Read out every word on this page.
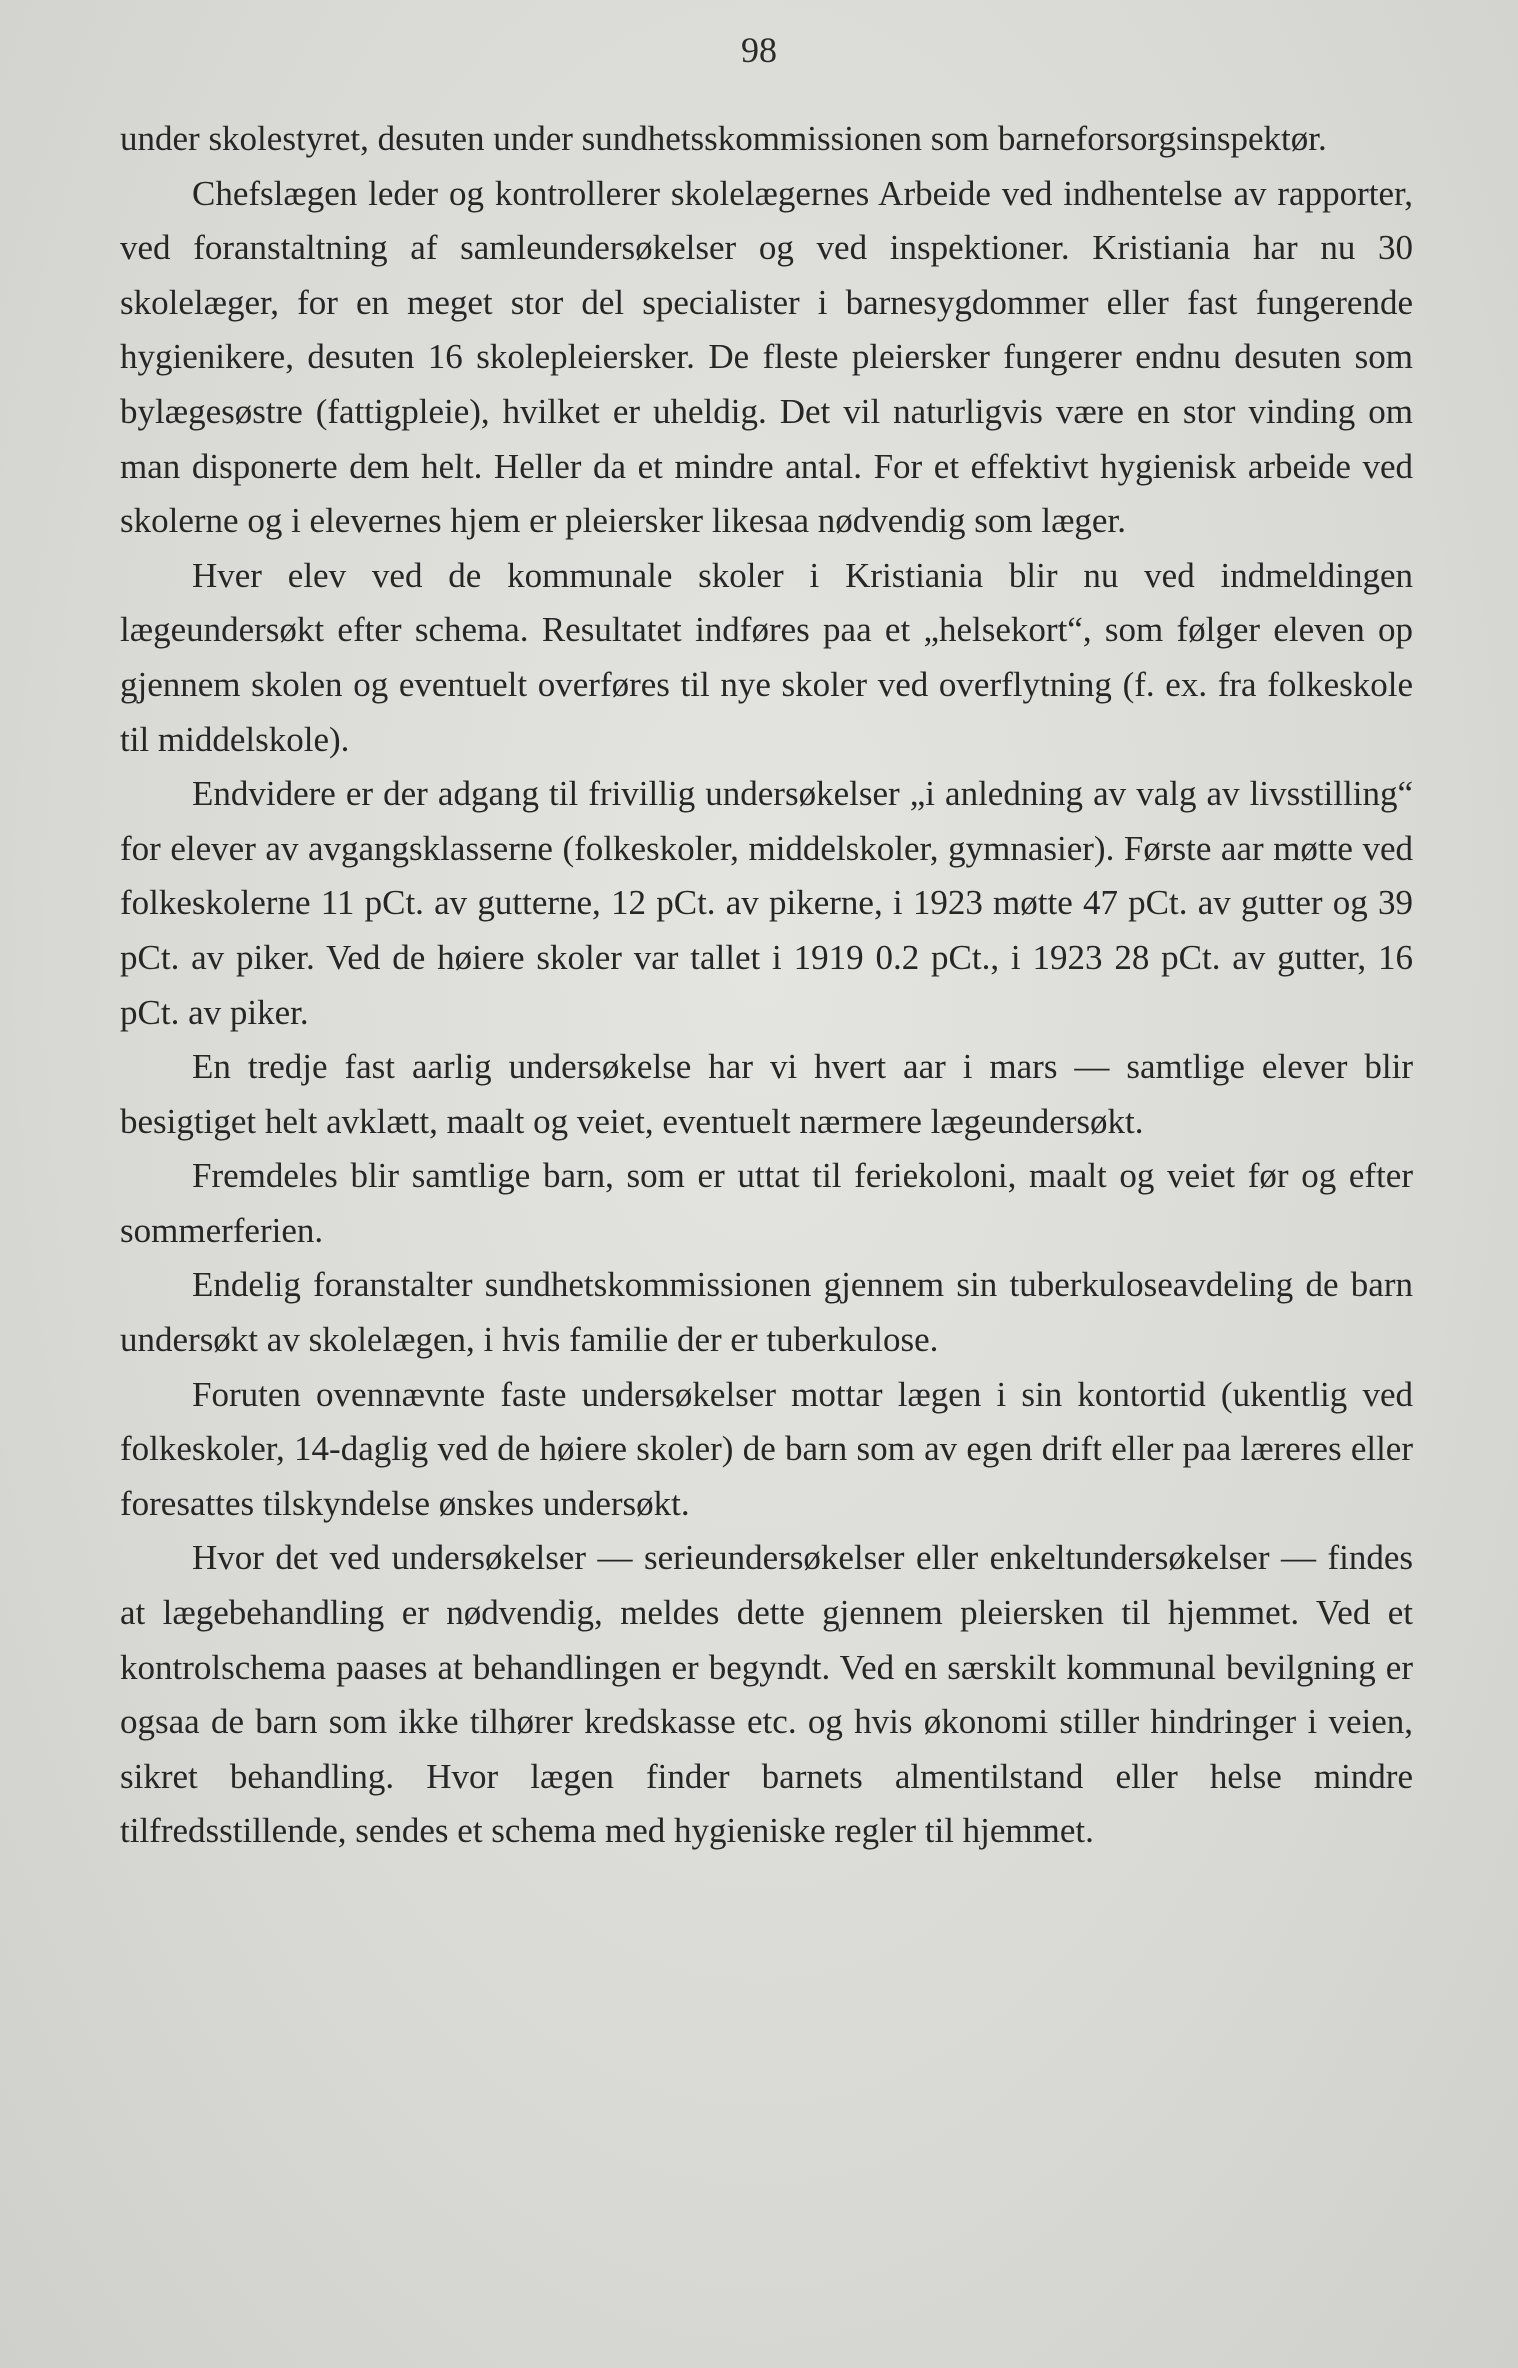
98

under skolestyret, desuten under sundhetsskommissionen som barneforsorgsinspektør.

Chefslægen leder og kontrollerer skolelægernes Arbeide ved indhentelse av rapporter, ved foranstaltning af samleundersøkelser og ved inspektioner. Kristiania har nu 30 skolelæger, for en meget stor del specialister i barnesygdommer eller fast fungerende hygienikere, desuten 16 skolepleiersker. De fleste pleiersker fungerer endnu desuten som bylægesøstre (fattigpleie), hvilket er uheldig. Det vil naturligvis være en stor vinding om man disponerte dem helt. Heller da et mindre antal. For et effektivt hygienisk arbeide ved skolerne og i elevernes hjem er pleiersker likesaa nødvendig som læger.

Hver elev ved de kommunale skoler i Kristiania blir nu ved indmeldingen lægeundersøkt efter schema. Resultatet indføres paa et „helsekort“, som følger eleven op gjennem skolen og eventuelt overføres til nye skoler ved overflytning (f. ex. fra folkeskole til middelskole).

Endvidere er der adgang til frivillig undersøkelser „i anledning av valg av livsstilling“ for elever av avgangsklasserne (folkeskoler, middelskoler, gymnasier). Første aar møtte ved folkeskolerne 11 pCt. av gutterne, 12 pCt. av pikerne, i 1923 møtte 47 pCt. av gutter og 39 pCt. av piker. Ved de høiere skoler var tallet i 1919 0.2 pCt., i 1923 28 pCt. av gutter, 16 pCt. av piker.

En tredje fast aarlig undersøkelse har vi hvert aar i mars — samtlige elever blir besigtiget helt avklætt, maalt og veiet, eventuelt nærmere lægeundersøkt.

Fremdeles blir samtlige barn, som er uttat til feriekoloni, maalt og veiet før og efter sommerferien.

Endelig foranstalter sundhetskommissionen gjennem sin tuberkuloseavdeling de barn undersøkt av skolelægen, i hvis familie der er tuberkulose.

Foruten ovennævnte faste undersøkelser mottar lægen i sin kontortid (ukentlig ved folkeskoler, 14-daglig ved de høiere skoler) de barn som av egen drift eller paa læreres eller foresattes tilskyndelse ønskes undersøkt.

Hvor det ved undersøkelser — serieundersøkelser eller enkeltundersøkelser — findes at lægebehandling er nødvendig, meldes dette gjennem pleiersken til hjemmet. Ved et kontrolschema paases at behandlingen er begyndt. Ved en særskilt kommunal bevilgning er ogsaa de barn som ikke tilhører kredskasse etc. og hvis økonomi stiller hindringer i veien, sikret behandling. Hvor lægen finder barnets almentilstand eller helse mindre tilfredsstillende, sendes et schema med hygieniske regler til hjemmet.
